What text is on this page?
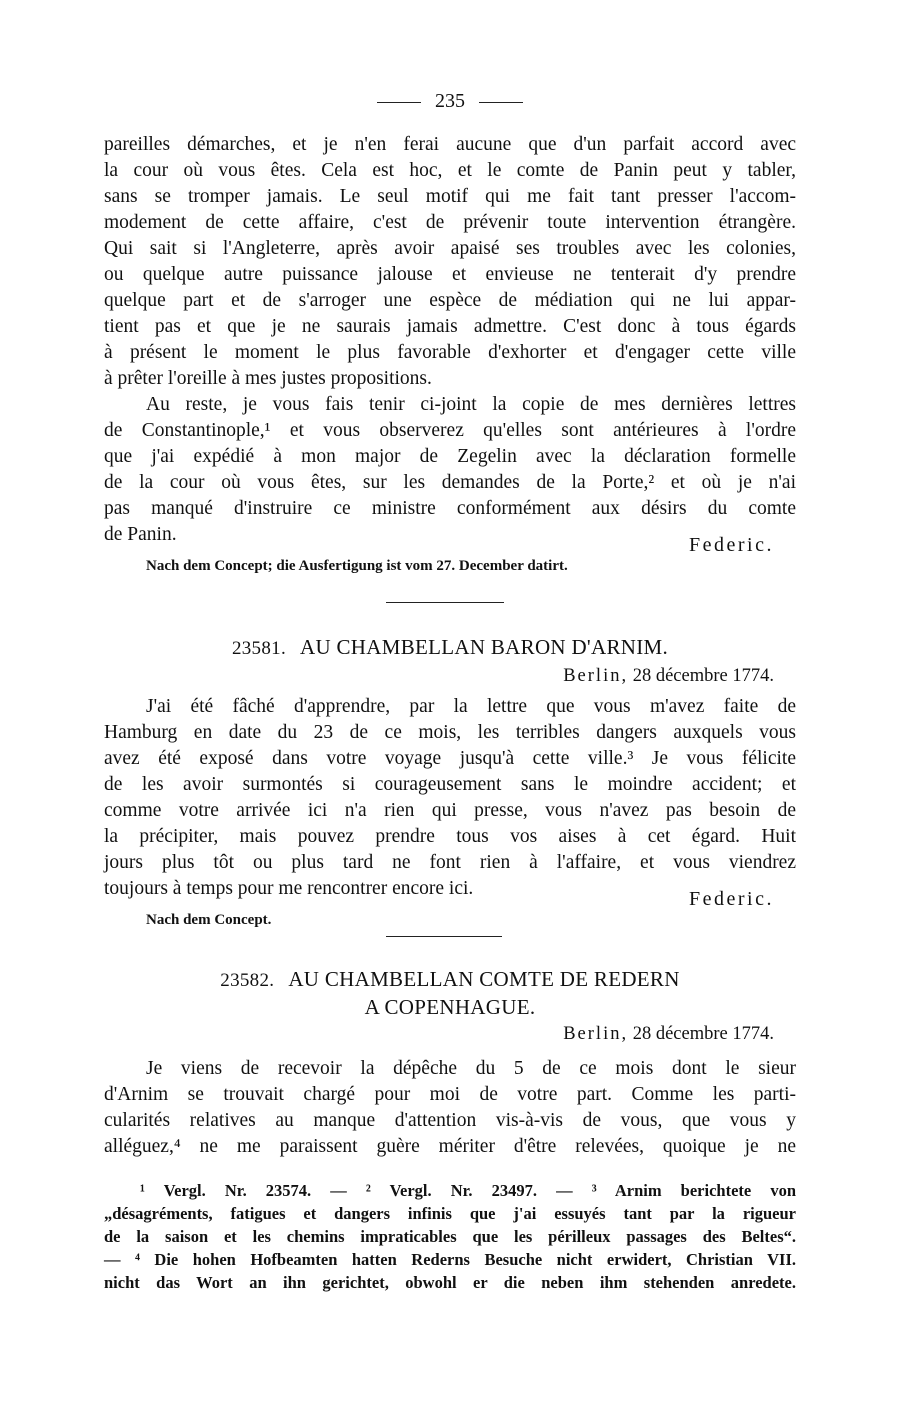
235
pareilles démarches, et je n'en ferai aucune que d'un parfait accord avec
la cour où vous êtes. Cela est hoc, et le comte de Panin peut y tabler,
sans se tromper jamais. Le seul motif qui me fait tant presser l'accom-
modement de cette affaire, c'est de prévenir toute intervention étrangère.
Qui sait si l'Angleterre, après avoir apaisé ses troubles avec les colonies,
ou quelque autre puissance jalouse et envieuse ne tenterait d'y prendre
quelque part et de s'arroger une espèce de médiation qui ne lui appar-
tient pas et que je ne saurais jamais admettre. C'est donc à tous égards
à présent le moment le plus favorable d'exhorter et d'engager cette ville
à prêter l'oreille à mes justes propositions.
Au reste, je vous fais tenir ci-joint la copie de mes dernières lettres
de Constantinople,¹ et vous observerez qu'elles sont antérieures à l'ordre
que j'ai expédié à mon major de Zegelin avec la déclaration formelle
de la cour où vous êtes, sur les demandes de la Porte,² et où je n'ai
pas manqué d'instruire ce ministre conformément aux désirs du comte
de Panin.	Federic.
Nach dem Concept; die Ausfertigung ist vom 27. December datirt.
23581. AU CHAMBELLAN BARON D'ARNIM.
Berlin, 28 décembre 1774.
J'ai été fâché d'apprendre, par la lettre que vous m'avez faite de
Hamburg en date du 23 de ce mois, les terribles dangers auxquels vous
avez été exposé dans votre voyage jusqu'à cette ville.³ Je vous félicite
de les avoir surmontés si courageusement sans le moindre accident; et
comme votre arrivée ici n'a rien qui presse, vous n'avez pas besoin de
la précipiter, mais pouvez prendre tous vos aises à cet égard. Huit
jours plus tôt ou plus tard ne font rien à l'affaire, et vous viendrez
toujours à temps pour me rencontrer encore ici.	Federic.
Nach dem Concept.
23582. AU CHAMBELLAN COMTE DE REDERN
A COPENHAGUE.
Berlin, 28 décembre 1774.
Je viens de recevoir la dépêche du 5 de ce mois dont le sieur
d'Arnim se trouvait chargé pour moi de votre part. Comme les parti-
cularités relatives au manque d'attention vis-à-vis de vous, que vous y
alléguez,⁴ ne me paraissent guère mériter d'être relevées, quoique je ne
¹ Vergl. Nr. 23574. — ² Vergl. Nr. 23497. — ³ Arnim berichtete von
„désagréments, fatigues et dangers infinis que j'ai essuyés tant par la rigueur
de la saison et les chemins impraticables que les périlleux passages des Beltes“.
— ⁴ Die hohen Hofbeamten hatten Rederns Besuche nicht erwidert, Christian VII.
nicht das Wort an ihn gerichtet, obwohl er die neben ihm stehenden anredete.
